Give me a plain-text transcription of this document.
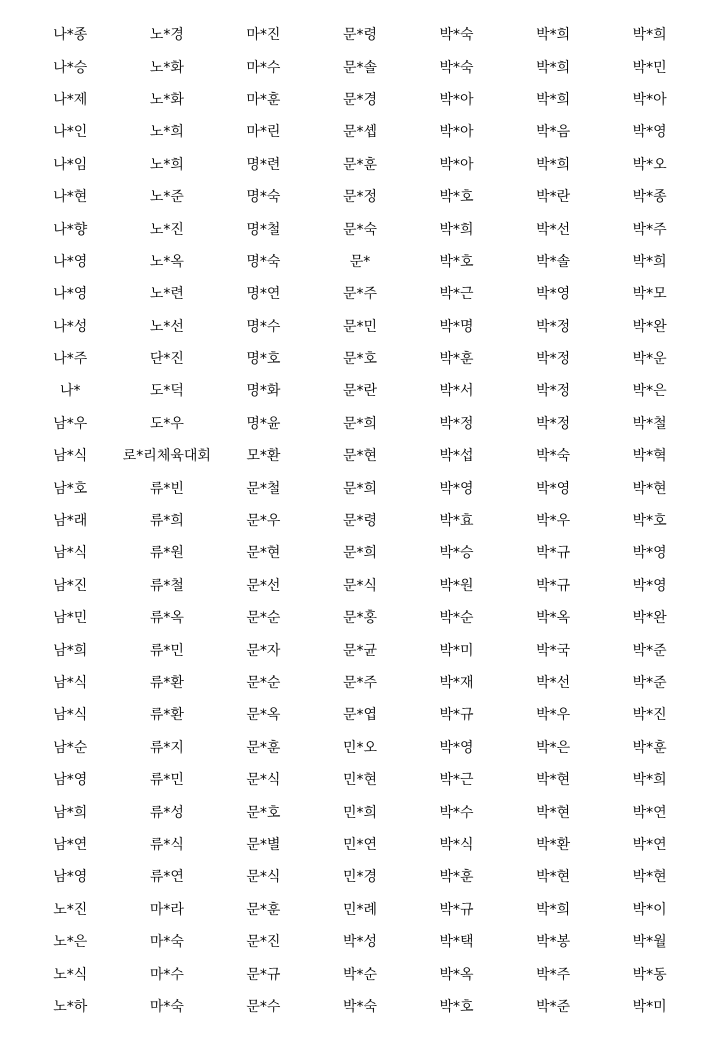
나*종	노*경	마*진	문*령	박*숙	박*희	박*희
나*승	노*화	마*수	문*솔	박*숙	박*희	박*민
나*제	노*화	마*훈	문*경	박*아	박*희	박*아
나*인	노*희	마*린	문*솁	박*아	박*음	박*영
나*임	노*희	명*련	문*훈	박*아	박*희	박*오
나*현	노*준	명*숙	문*정	박*호	박*란	박*종
나*향	노*진	명*철	문*숙	박*희	박*선	박*주
나*영	노*옥	명*숙	문*	박*호	박*솔	박*희
나*영	노*련	명*연	문*주	박*근	박*영	박*모
나*성	노*선	명*수	문*민	박*명	박*정	박*완
나*주	단*진	명*호	문*호	박*훈	박*정	박*운
나*	도*덕	명*화	문*란	박*서	박*정	박*은
남*우	도*우	명*윤	문*희	박*정	박*정	박*철
남*식	로*리체육대회	모*환	문*현	박*섭	박*숙	박*혁
남*호	류*빈	문*철	문*희	박*영	박*영	박*현
남*래	류*희	문*우	문*령	박*효	박*우	박*호
남*식	류*원	문*현	문*희	박*승	박*규	박*영
남*진	류*철	문*선	문*식	박*원	박*규	박*영
남*민	류*옥	문*순	문*홍	박*순	박*옥	박*완
남*희	류*민	문*자	문*균	박*미	박*국	박*준
남*식	류*환	문*순	문*주	박*재	박*선	박*준
남*식	류*환	문*옥	문*엽	박*규	박*우	박*진
남*순	류*지	문*훈	민*오	박*영	박*은	박*훈
남*영	류*민	문*식	민*현	박*근	박*현	박*희
남*희	류*성	문*호	민*희	박*수	박*현	박*연
남*연	류*식	문*별	민*연	박*식	박*환	박*연
남*영	류*연	문*식	민*경	박*훈	박*현	박*현
노*진	마*라	문*훈	민*례	박*규	박*희	박*이
노*은	마*숙	문*진	박*성	박*택	박*봉	박*월
노*식	마*수	문*규	박*순	박*옥	박*주	박*동
노*하	마*숙	문*수	박*숙	박*호	박*준	박*미
